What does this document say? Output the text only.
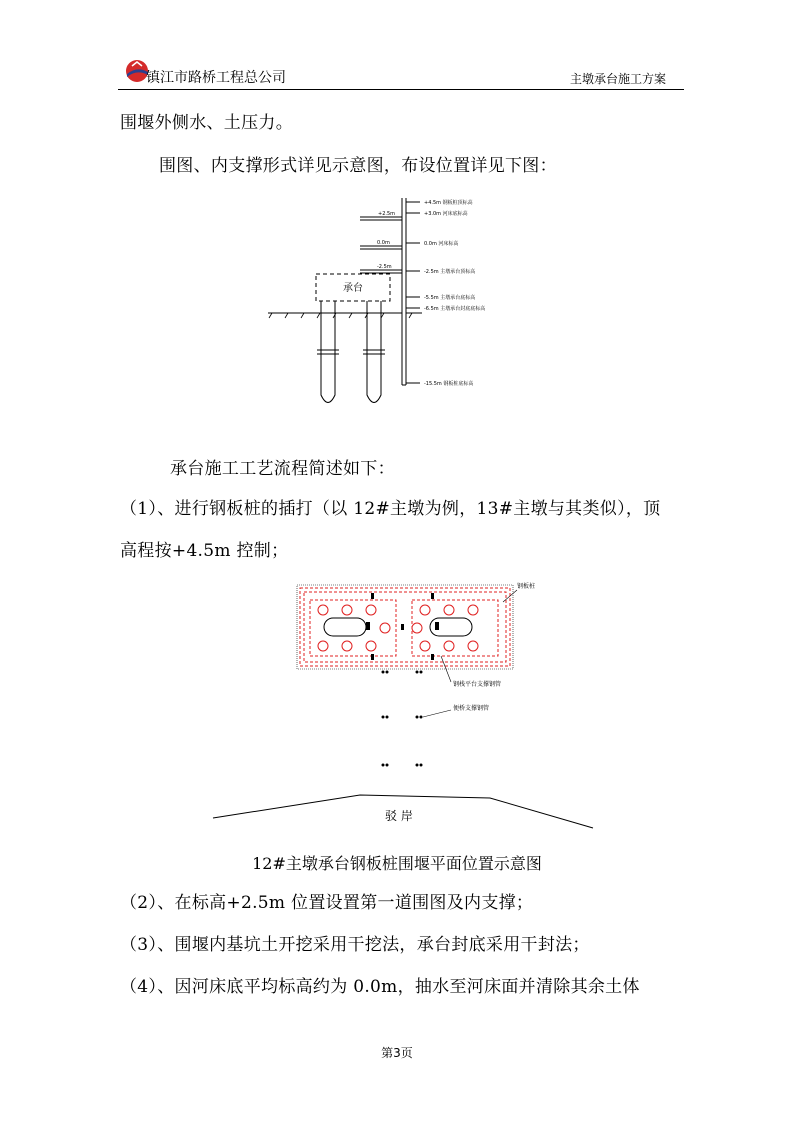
镇江市路桥工程总公司	主墩承台施工方案
围堰外侧水、土压力。
围图、内支撑形式详见示意图，布设位置详见下图：
+2.5m
0.0m
-2.5m
+4.5m 钢板桩顶标高
+3.0m 河床底标高
0.0m 河床标高
-2.5m 主墩承台顶标高
-5.5m 主墩承台底标高
-6.5m 主墩承台封底底标高
-15.5m 钢板桩底标高
承台
承台施工工艺流程简述如下：
（1）、进行钢板桩的插打（以 12#主墩为例，13#主墩与其类似），顶
高程按+4.5m 控制；
钢板桩
钢栈平台支撑钢管
便桥支撑钢管
驳 岸
12#主墩承台钢板桩围堰平面位置示意图
（2）、在标高+2.5m 位置设置第一道围图及内支撑；
（3）、围堰内基坑土开挖采用干挖法，承台封底采用干封法；
（4）、因河床底平均标高约为 0.0m，抽水至河床面并清除其余土体
第3页
